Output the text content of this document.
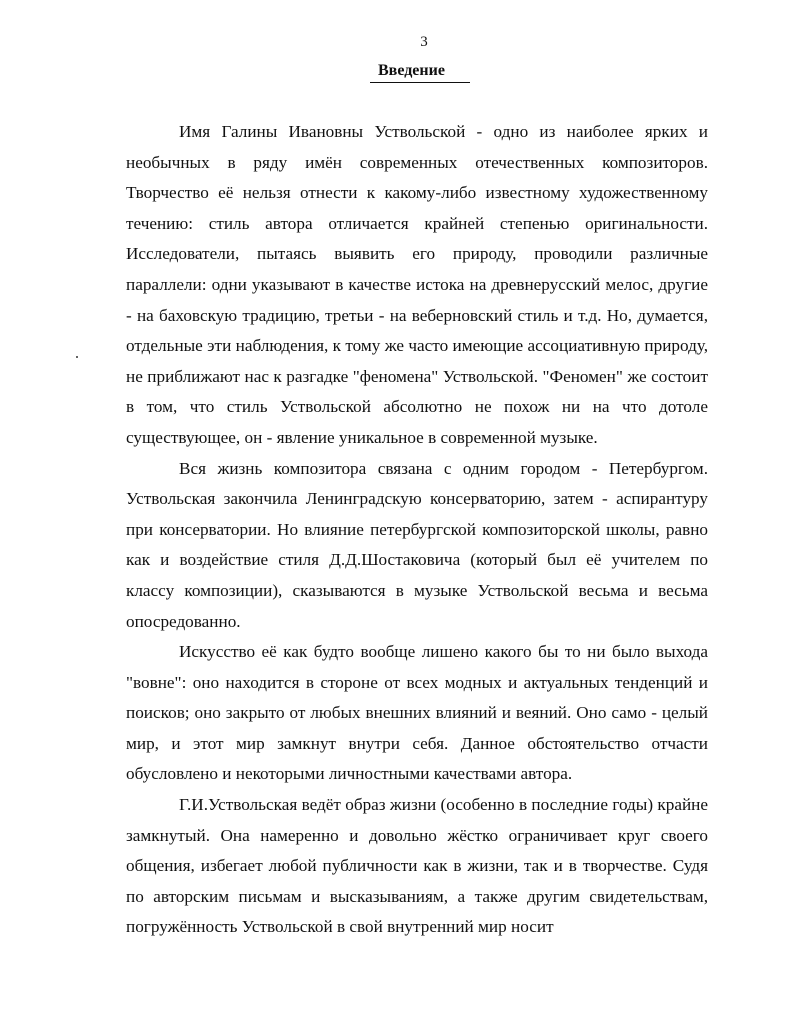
3
Введение

Имя Галины Ивановны Уствольской - одно из наиболее ярких и необычных в ряду имён современных отечественных композиторов. Творчество её нельзя отнести к какому-либо известному художественному течению: стиль автора отличается крайней степенью оригинальности. Исследователи, пытаясь выявить его природу, проводили различные параллели: одни указывают в качестве истока на древнерусский мелос, другие - на баховскую традицию, третьи - на веберновский стиль и т.д. Но, думается, отдельные эти наблюдения, к тому же часто имеющие ассоциативную природу, не приближают нас к разгадке "феномена" Уствольской. "Феномен" же состоит в том, что стиль Уствольской абсолютно не похож ни на что дотоле существующее, он - явление уникальное в современной музыке.

Вся жизнь композитора связана с одним городом - Петербургом. Уствольская закончила Ленинградскую консерваторию, затем - аспирантуру при консерватории. Но влияние петербургской композиторской школы, равно как и воздействие стиля Д.Д.Шостаковича (который был её учителем по классу композиции), сказываются в музыке Уствольской весьма и весьма опосредованно.

Искусство её как будто вообще лишено какого бы то ни было выхода "вовне": оно находится в стороне от всех модных и актуальных тенденций и поисков; оно закрыто от любых внешних влияний и веяний. Оно само - целый мир, и этот мир замкнут внутри себя. Данное обстоятельство отчасти обусловлено и некоторыми личностными качествами автора.

Г.И.Уствольская ведёт образ жизни (особенно в последние годы) крайне замкнутый. Она намеренно и довольно жёстко ограничивает круг своего общения, избегает любой публичности как в жизни, так и в творчестве. Судя по авторским письмам и высказываниям, а также другим свидетельствам, погружённость Уствольской в свой внутренний мир носит
